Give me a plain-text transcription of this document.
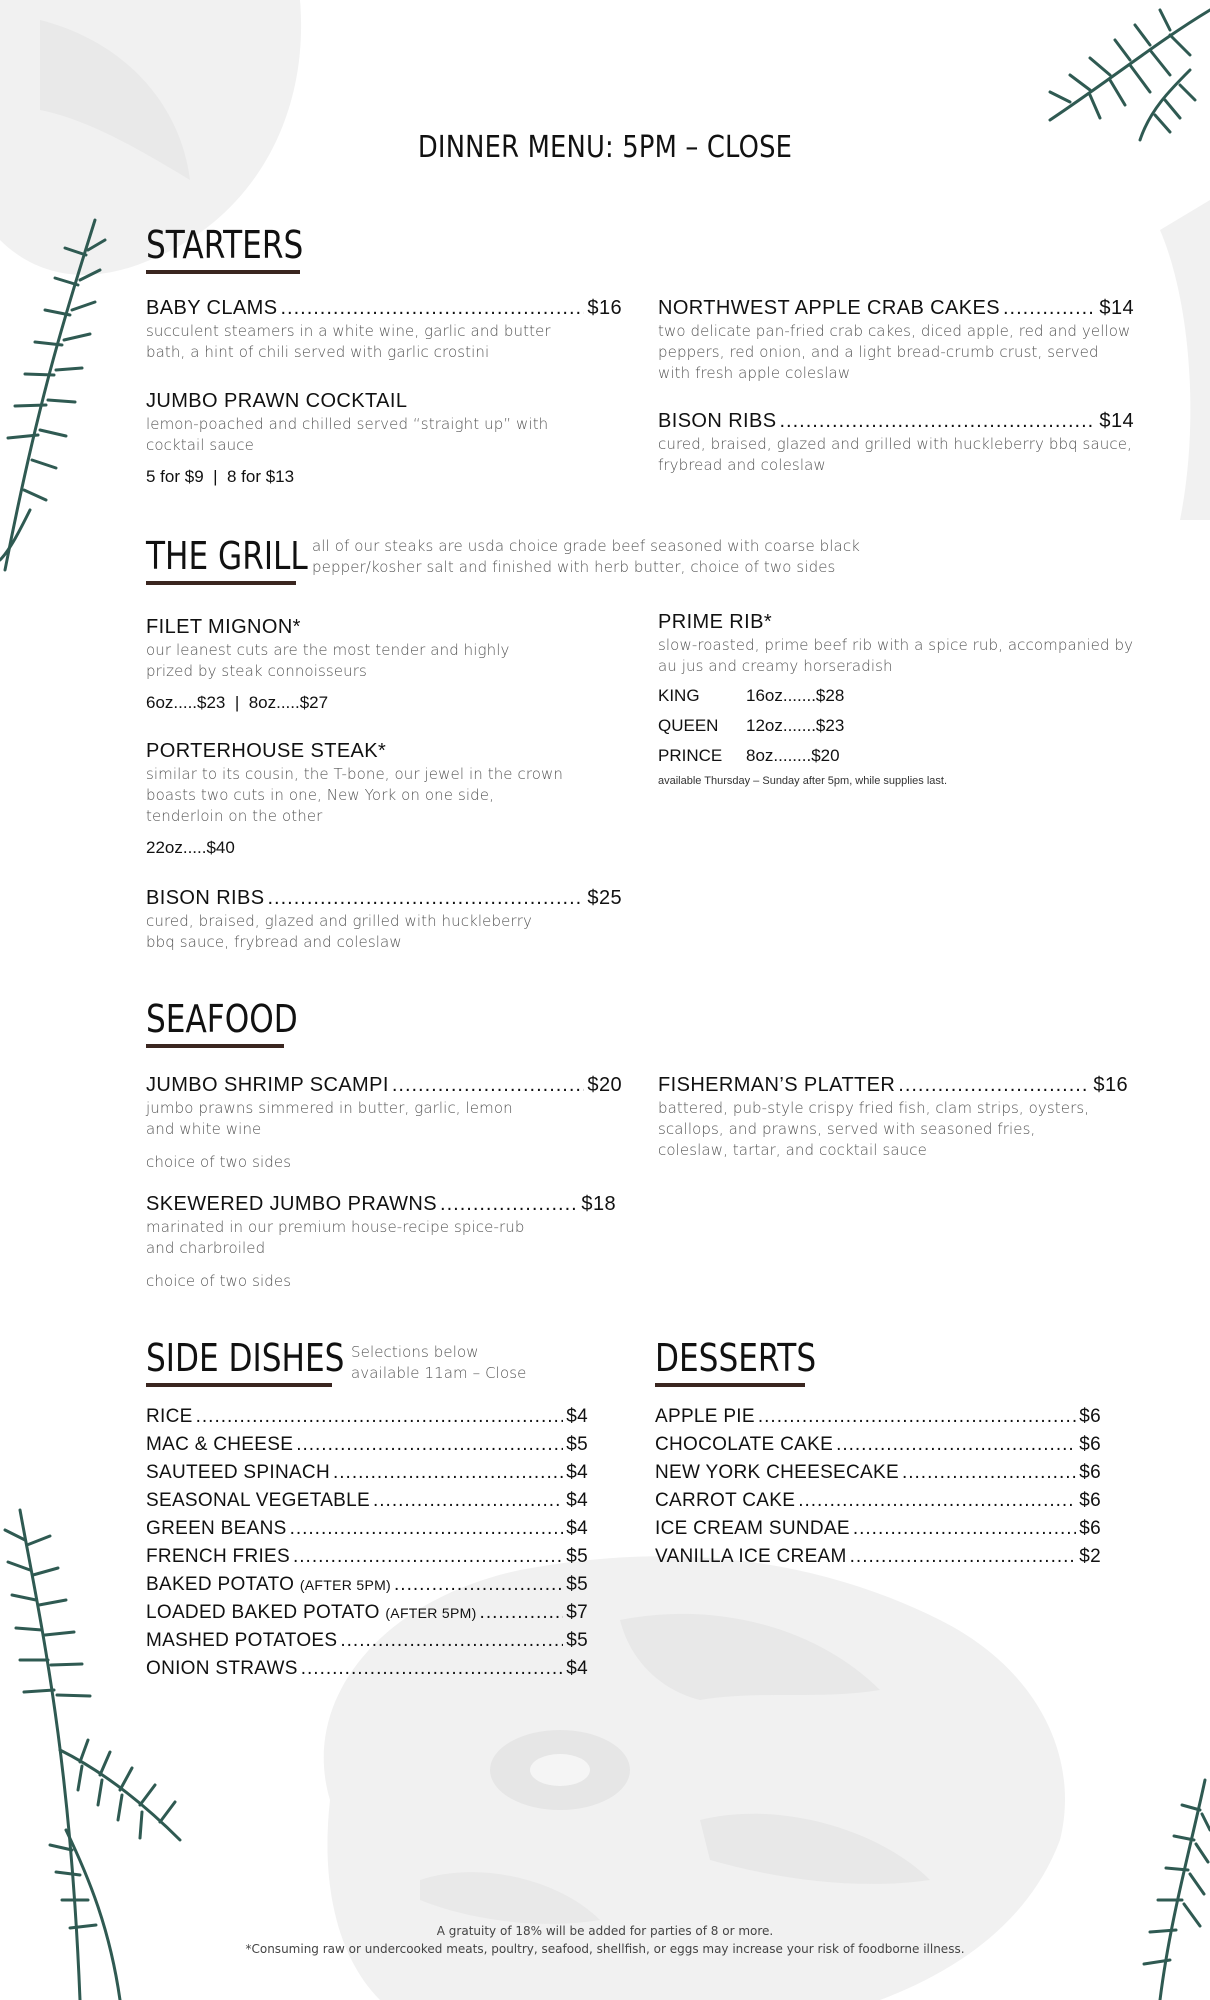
DINNER MENU: 5PM – CLOSE
STARTERS
BABY CLAMS .....	$16
succulent steamers in a white wine, garlic and butter bath, a hint of chili served with garlic crostini
JUMBO PRAWN COCKTAIL
lemon-poached and chilled served “straight up” with cocktail sauce
5 for $9  |  8 for $13
NORTHWEST APPLE CRAB CAKES .....	$14
two delicate pan-fried crab cakes, diced apple, red and yellow peppers, red onion, and a light bread-crumb crust, served with fresh apple coleslaw
BISON RIBS .....	$14
cured, braised, glazed and grilled with huckleberry bbq sauce, frybread and coleslaw
THE GRILL all of our steaks are usda choice grade beef seasoned with coarse black pepper/kosher salt and finished with herb butter, choice of two sides
FILET MIGNON*
our leanest cuts are the most tender and highly prized by steak connoisseurs
6oz.....$23  |  8oz.....$27
PORTERHOUSE STEAK*
similar to its cousin, the T-bone, our jewel in the crown boasts two cuts in one, New York on one side, tenderloin on the other
22oz.....$40
BISON RIBS .....	$25
cured, braised, glazed and grilled with huckleberry bbq sauce, frybread and coleslaw
PRIME RIB*
slow-roasted, prime beef rib with a spice rub, accompanied by au jus and creamy horseradish
KING	16oz.......$28
QUEEN	12oz.......$23
PRINCE	8oz........$20
available Thursday – Sunday after 5pm, while supplies last.
SEAFOOD
JUMBO SHRIMP SCAMPI .....	$20
jumbo prawns simmered in butter, garlic, lemon and white wine
choice of two sides
SKEWERED JUMBO PRAWNS .....	$18
marinated in our premium house-recipe spice-rub and charbroiled
choice of two sides
FISHERMAN’S PLATTER .....	$16
battered, pub-style crispy fried fish, clam strips, oysters, scallops, and prawns, served with seasoned fries, coleslaw, tartar, and cocktail sauce
SIDE DISHES Selections below
available 11am – Close
RICE .....	$4
MAC & CHEESE .....	$5
SAUTEED SPINACH .....	$4
SEASONAL VEGETABLE .....	$4
GREEN BEANS .....	$4
FRENCH FRIES .....	$5
BAKED POTATO (AFTER 5PM) .....	$5
LOADED BAKED POTATO (AFTER 5PM) .....	$7
MASHED POTATOES .....	$5
ONION STRAWS .....	$4
DESSERTS
APPLE PIE .....	$6
CHOCOLATE CAKE .....	$6
NEW YORK CHEESECAKE .....	$6
CARROT CAKE .....	$6
ICE CREAM SUNDAE .....	$6
VANILLA ICE CREAM .....	$2
A gratuity of 18% will be added for parties of 8 or more.
*Consuming raw or undercooked meats, poultry, seafood, shellfish, or eggs may increase your risk of foodborne illness.
